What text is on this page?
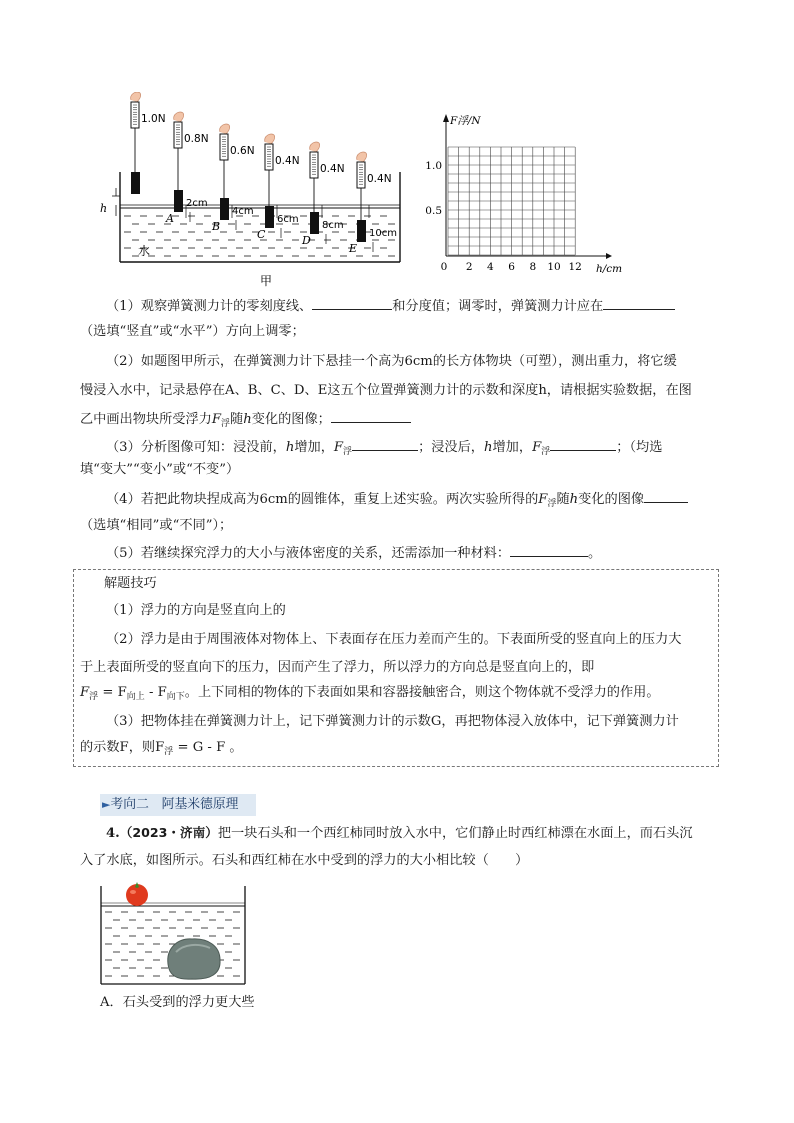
水
h
1.0N
0.8N
2cm
A
0.6N
4cm
B
0.4N
6cm
C
0.4N
8cm
D
0.4N
10cm
E
甲
0 2 4 6 8 10 12
0.5
1.0
F浮/N
h/cm
（1）观察弹簧测力计的零刻度线、	和分度值；调零时，弹簧测力计应在
（选填“竖直”或“水平”）方向上调零；
（2）如题图甲所示，在弹簧测力计下悬挂一个高为6cm的长方体物块（可塑），测出重力，将它缓
慢浸入水中，记录悬停在A、B、C、D、E这五个位置弹簧测力计的示数和深度h，请根据实验数据，在图
乙中画出物块所受浮力$F_浮$随h变化的图像；
（3）分析图像可知：浸没前，h增加，$F_浮$	；浸没后，h增加，$F_浮$	；（均选
填“变大”“变小”或“不变”）
（4）若把此物块捏成高为6cm的圆锥体，重复上述实验。两次实验所得的$F_浮$随h变化的图像
（选填“相同”或“不同”）；
（5）若继续探究浮力的大小与液体密度的关系，还需添加一种材料：	。
解题技巧
（1）浮力的方向是竖直向上的
（2）浮力是由于周围液体对物体上、下表面存在压力差而产生的。下表面所受的竖直向上的压力大
于上表面所受的竖直向下的压力，因而产生了浮力，所以浮力的方向总是竖直向上的，即
$F_浮 = F_{向上} - F_{向下}$。上下同相的物体的下表面如果和容器接触密合，则这个物体就不受浮力的作用。
（3）把物体挂在弹簧测力计上，记下弹簧测力计的示数G，再把物体浸入放体中，记下弹簧测力计
的示数F，则$F_浮 = G - F$ 。
►考向二　阿基米德原理
4.（2023・济南）把一块石头和一个西红柿同时放入水中，它们静止时西红柿漂在水面上，而石头沉
入了水底，如图所示。石头和西红柿在水中受到的浮力的大小相比较（　　）
A．石头受到的浮力更大些
